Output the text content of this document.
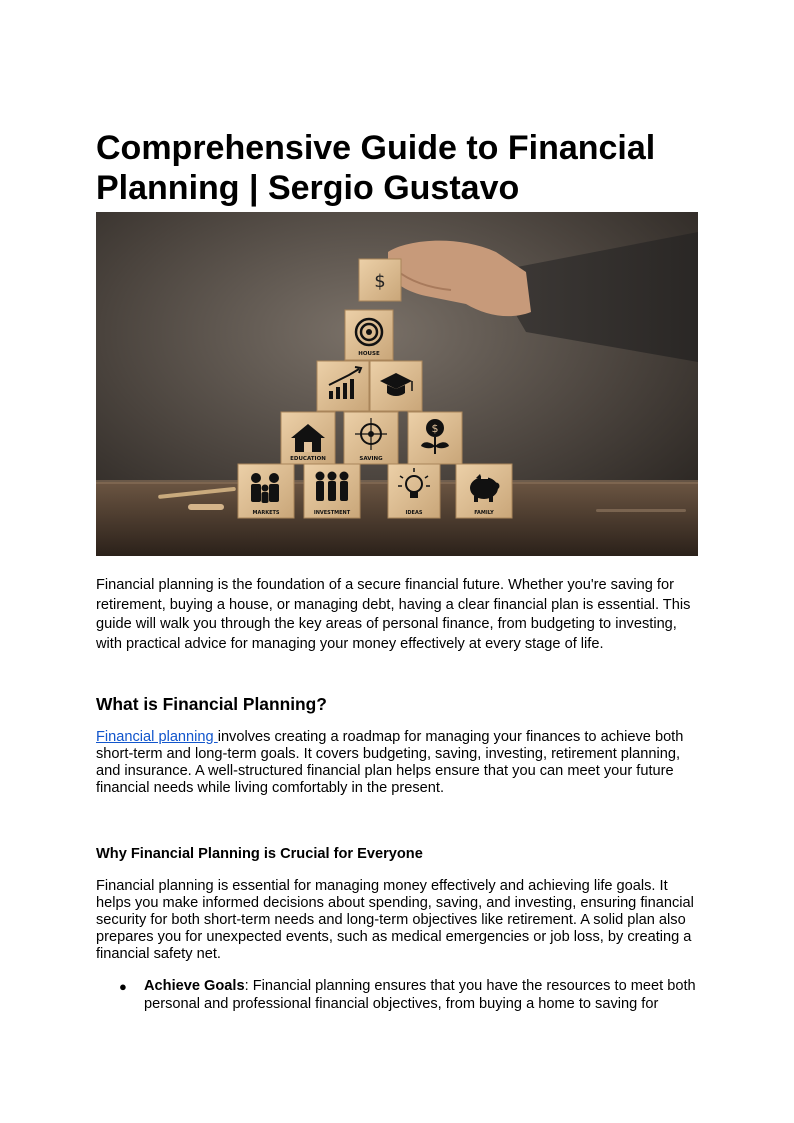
Comprehensive Guide to Financial Planning | Sergio Gustavo
$
HOUSE
EDUCATION	SAVING
$
MARKETS	INVESTMENT	IDEAS	FAMILY

Financial planning is the foundation of a secure financial future. Whether you're saving for retirement, buying a house, or managing debt, having a clear financial plan is essential. This guide will walk you through the key areas of personal finance, from budgeting to investing, with practical advice for managing your money effectively at every stage of life.

What is Financial Planning?

Financial planning involves creating a roadmap for managing your finances to achieve both short-term and long-term goals. It covers budgeting, saving, investing, retirement planning, and insurance. A well-structured financial plan helps ensure that you can meet your future financial needs while living comfortably in the present.

Why Financial Planning is Crucial for Everyone

Financial planning is essential for managing money effectively and achieving life goals. It helps you make informed decisions about spending, saving, and investing, ensuring financial security for both short-term needs and long-term objectives like retirement. A solid plan also prepares you for unexpected events, such as medical emergencies or job loss, by creating a financial safety net.

● Achieve Goals: Financial planning ensures that you have the resources to meet both personal and professional financial objectives, from buying a home to saving for
